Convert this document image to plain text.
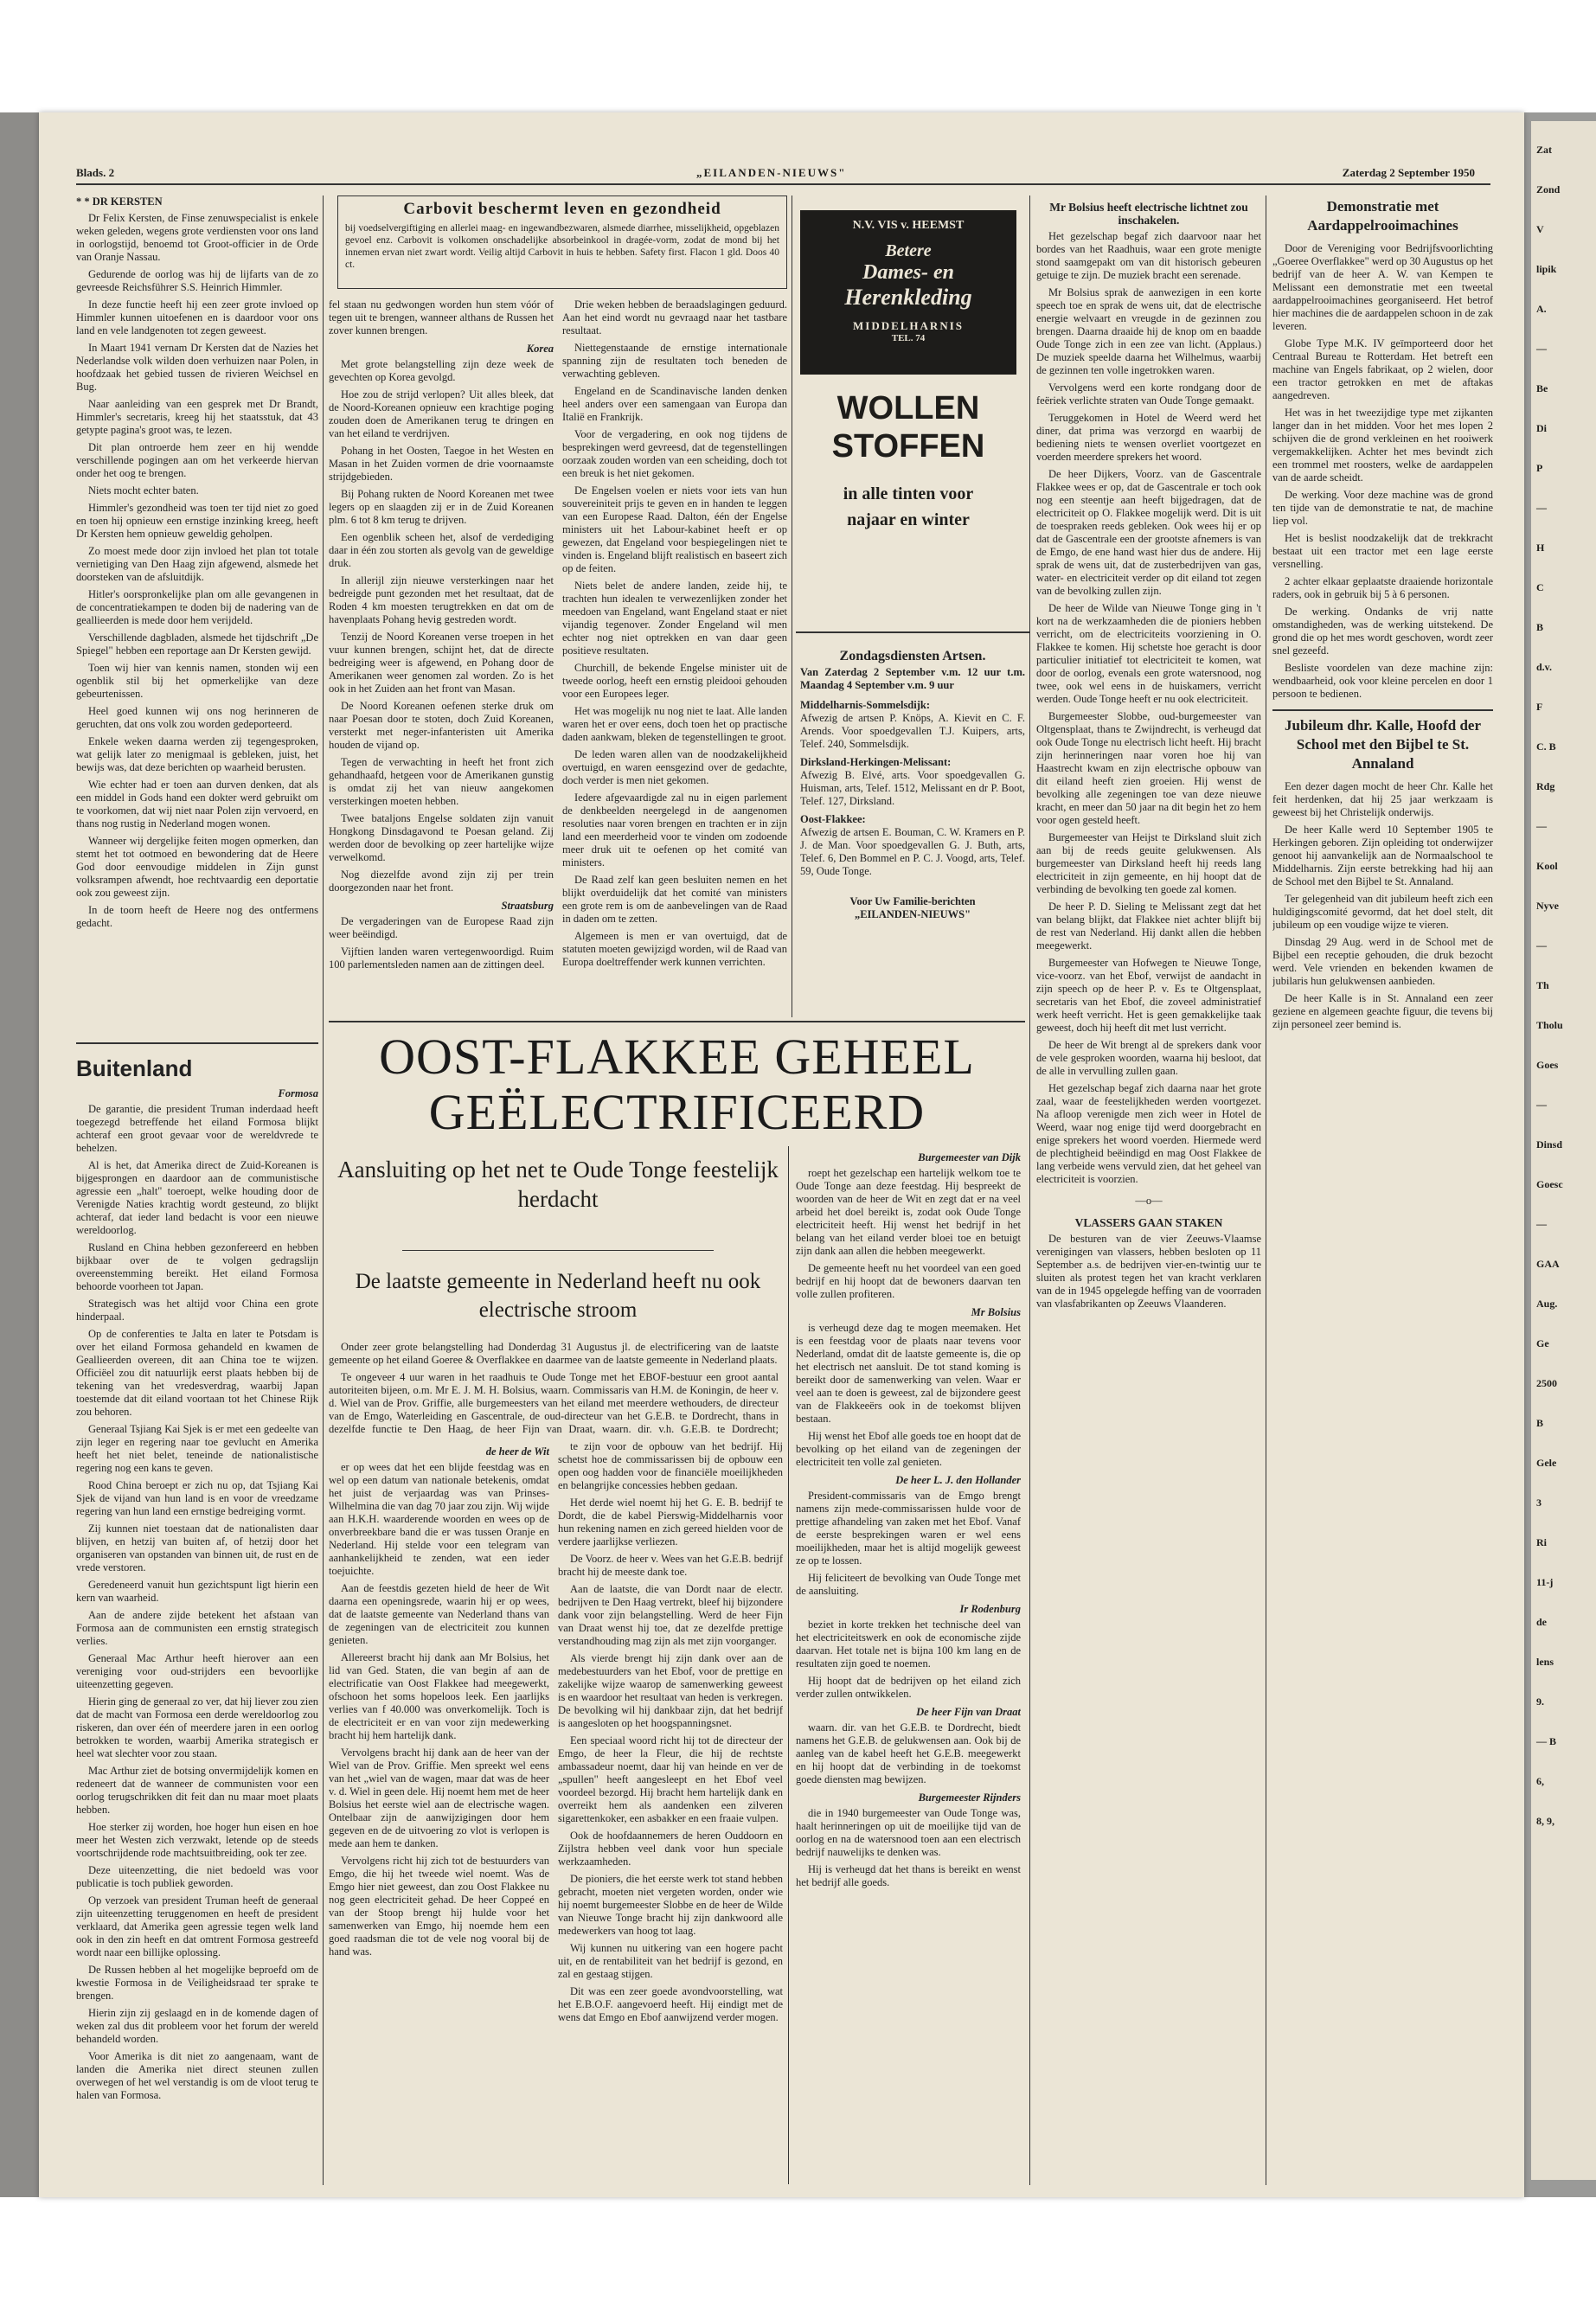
Zat
Zond
V
lipik
A.
—
Be
Di
P
—
H
C
B
d.v.
F
C. B
Rdg
—
Kool
Nyve
—
Th
Tholu
Goes
—
Dinsd
Goesc
—
GAA
Aug.
Ge
2500
B
Gele
3
Ri
11-j
de
lens
9.
— B
6,
8, 9,
Blads. 2	„EILANDEN-NIEUWS"	Zaterdag 2 September 1950
* * DR KERSTEN

Dr Felix Kersten, de Finse zenuwspecialist is enkele weken geleden, wegens grote verdiensten voor ons land in oorlogstijd, benoemd tot Groot-officier in de Orde van Oranje Nassau.

Gedurende de oorlog was hij de lijfarts van de zo gevreesde Reichsführer S.S. Heinrich Himmler.

In deze functie heeft hij een zeer grote invloed op Himmler kunnen uitoefenen en is daardoor voor ons land en vele landgenoten tot zegen geweest.

In Maart 1941 vernam Dr Kersten dat de Nazies het Nederlandse volk wilden doen verhuizen naar Polen, in hoofdzaak het gebied tussen de rivieren Weichsel en Bug.

Naar aanleiding van een gesprek met Dr Brandt, Himmler's secretaris, kreeg hij het staatsstuk, dat 43 getypte pagina's groot was, te lezen.

Dit plan ontroerde hem zeer en hij wendde verschillende pogingen aan om het verkeerde hiervan onder het oog te brengen.

Niets mocht echter baten.

Himmler's gezondheid was toen ter tijd niet zo goed en toen hij opnieuw een ernstige inzinking kreeg, heeft Dr Kersten hem opnieuw geweldig geholpen.

Zo moest mede door zijn invloed het plan tot totale vernietiging van Den Haag zijn afgewend, alsmede het doorsteken van de afsluitdijk.

Hitler's oorspronkelijke plan om alle gevangenen in de concentratiekampen te doden bij de nadering van de geallieerden is mede door hem verijdeld.

Verschillende dagbladen, alsmede het tijdschrift „De Spiegel" hebben een reportage aan Dr Kersten gewijd.

Toen wij hier van kennis namen, stonden wij een ogenblik stil bij het opmerkelijke van deze gebeurtenissen.

Heel goed kunnen wij ons nog herinneren de geruchten, dat ons volk zou worden gedeporteerd.

Enkele weken daarna werden zij tegengesproken, wat gelijk later zo menigmaal is gebleken, juist, het bewijs was, dat deze berichten op waarheid berusten.

Wie echter had er toen aan durven denken, dat als een middel in Gods hand een dokter werd gebruikt om te voorkomen, dat wij niet naar Polen zijn vervoerd, en thans nog rustig in Nederland mogen wonen.

Wanneer wij dergelijke feiten mogen opmerken, dan stemt het tot ootmoed en bewondering dat de Heere God door eenvoudige middelen in Zijn gunst volksrampen afwendt, hoe rechtvaardig een deportatie ook zou geweest zijn.

In de toorn heeft de Heere nog des ontfermens gedacht.

Buitenland
Formosa

De garantie, die president Truman inderdaad heeft toegezegd betreffende het eiland Formosa blijkt achteraf een groot gevaar voor de wereldvrede te behelzen.

Al is het, dat Amerika direct de Zuid-Koreanen is bijgesprongen en daardoor aan de communistische agressie een „halt" toeroept, welke houding door de Verenigde Naties krachtig wordt gesteund, zo blijkt achteraf, dat ieder land bedacht is voor een nieuwe wereldoorlog.

Rusland en China hebben gezonfereerd en hebben bijkbaar over de te volgen gedragslijn overeenstemming bereikt. Het eiland Formosa behoorde voorheen tot Japan.

Strategisch was het altijd voor China een grote hinderpaal.

Op de conferenties te Jalta en later te Potsdam is over het eiland Formosa gehandeld en kwamen de Geallieerden overeen, dit aan China toe te wijzen. Officiëel zou dit natuurlijk eerst plaats hebben bij de tekening van het vredesverdrag, waarbij Japan toestemde dat dit eiland voortaan tot het Chinese Rijk zou behoren.

Generaal Tsjiang Kai Sjek is er met een gedeelte van zijn leger en regering naar toe gevlucht en Amerika heeft het niet belet, teneinde de nationalistische regering nog een kans te geven.

Rood China beroept er zich nu op, dat Tsjiang Kai Sjek de vijand van hun land is en voor de vreedzame regering van hun land een ernstige bedreiging vormt.

Zij kunnen niet toestaan dat de nationalisten daar blijven, en hetzij van buiten af, of hetzij door het organiseren van opstanden van binnen uit, de rust en de vrede verstoren.

Geredeneerd vanuit hun gezichtspunt ligt hierin een kern van waarheid.

Aan de andere zijde betekent het afstaan van Formosa aan de communisten een ernstig strategisch verlies.

Generaal Mac Arthur heeft hierover aan een vereniging voor oud-strijders een bevoorlijke uiteenzetting gegeven.

Hierin ging de generaal zo ver, dat hij liever zou zien dat de macht van Formosa een derde wereldoorlog zou riskeren, dan over één of meerdere jaren in een oorlog betrokken te worden, waarbij Amerika strategisch er heel wat slechter voor zou staan.

Mac Arthur ziet de botsing onvermijdelijk komen en redeneert dat de wanneer de communisten voor een oorlog terugschrikken dit feit dan nu maar moet plaats hebben.

Hoe sterker zij worden, hoe hoger hun eisen en hoe meer het Westen zich verzwakt, letende op de steeds voortschrijdende rode machtsuitbreiding, ook ter zee.

Deze uiteenzetting, die niet bedoeld was voor publicatie is toch publiek geworden.

Op verzoek van president Truman heeft de generaal zijn uiteenzetting teruggenomen en heeft de president verklaard, dat Amerika geen agressie tegen welk land ook in den zin heeft en dat omtrent Formosa gestreefd wordt naar een billijke oplossing.

De Russen hebben al het mogelijke beproefd om de kwestie Formosa in de Veiligheidsraad ter sprake te brengen.

Hierin zijn zij geslaagd en in de komende dagen of weken zal dus dit probleem voor het forum der wereld behandeld worden.

Voor Amerika is dit niet zo aangenaam, want de landen die Amerika niet direct steunen zullen overwegen of het wel verstandig is om de vloot terug te halen van Formosa.

Carbovit beschermt leven en gezondheid
bij voedselvergiftiging en allerlei maag- en ingewandbezwaren, alsmede diarrhee, misselijkheid, opgeblazen gevoel enz. Carbovit is volkomen onschadelijke absorbeinkool in dragée-vorm, zodat de mond bij het innemen ervan niet zwart wordt. Veilig altijd Carbovit in huis te hebben. Safety first. Flacon 1 gld. Doos 40 ct.

fel staan nu gedwongen worden hun stem vóór of tegen uit te brengen, wanneer althans de Russen het zover kunnen brengen.

Korea

Met grote belangstelling zijn deze week de gevechten op Korea gevolgd.

Hoe zou de strijd verlopen? Uit alles bleek, dat de Noord-Koreanen opnieuw een krachtige poging zouden doen de Amerikanen terug te dringen en van het eiland te verdrijven.

Pohang in het Oosten, Taegoe in het Westen en Masan in het Zuiden vormen de drie voornaamste strijdgebieden.

Bij Pohang rukten de Noord Koreanen met twee legers op en slaagden zij er in de Zuid Koreanen plm. 6 tot 8 km terug te drijven.

Een ogenblik scheen het, alsof de verdediging daar in één zou storten als gevolg van de geweldige druk.

In allerijl zijn nieuwe versterkingen naar het bedreigde punt gezonden met het resultaat, dat de Roden 4 km moesten terugtrekken en dat om de havenplaats Pohang hevig gestreden wordt.

Tenzij de Noord Koreanen verse troepen in het vuur kunnen brengen, schijnt het, dat de directe bedreiging weer is afgewend, en Pohang door de Amerikanen weer genomen zal worden. Zo is het ook in het Zuiden aan het front van Masan.

De Noord Koreanen oefenen sterke druk om naar Poesan door te stoten, doch Zuid Koreanen, versterkt met neger-infanteristen uit Amerika houden de vijand op.

Tegen de verwachting in heeft het front zich gehandhaafd, hetgeen voor de Amerikanen gunstig is omdat zij het van nieuw aangekomen versterkingen moeten hebben.

Twee bataljons Engelse soldaten zijn vanuit Hongkong Dinsdagavond te Poesan geland. Zij werden door de bevolking op zeer hartelijke wijze verwelkomd.

Nog diezelfde avond zijn zij per trein doorgezonden naar het front.

Straatsburg

De vergaderingen van de Europese Raad zijn weer beëindigd.

Vijftien landen waren vertegenwoordigd. Ruim 100 parlementsleden namen aan de zittingen deel.

Drie weken hebben de beraadslagingen geduurd. Aan het eind wordt nu gevraagd naar het tastbare resultaat.

Niettegenstaande de ernstige internationale spanning zijn de resultaten toch beneden de verwachting gebleven.

Engeland en de Scandinavische landen denken heel anders over een samengaan van Europa dan Italië en Frankrijk.

Voor de vergadering, en ook nog tijdens de besprekingen werd gevreesd, dat de tegenstellingen oorzaak zouden worden van een scheiding, doch tot een breuk is het niet gekomen.

De Engelsen voelen er niets voor iets van hun souvereiniteit prijs te geven en in handen te leggen van een Europese Raad. Dalton, één der Engelse ministers uit het Labour-kabinet heeft er op gewezen, dat Engeland voor bespiegelingen niet te vinden is. Engeland blijft realistisch en baseert zich op de feiten.

Niets belet de andere landen, zeide hij, te trachten hun idealen te verwezenlijken zonder het meedoen van Engeland, want Engeland staat er niet vijandig tegenover. Zonder Engeland wil men echter nog niet optrekken en van daar geen positieve resultaten.

Churchill, de bekende Engelse minister uit de tweede oorlog, heeft een ernstig pleidooi gehouden voor een Europees leger.

Het was mogelijk nu nog niet te laat. Alle landen waren het er over eens, doch toen het op practische daden aankwam, bleken de tegenstellingen te groot.

De leden waren allen van de noodzakelijkheid overtuigd, en waren eensgezind over de gedachte, doch verder is men niet gekomen.

Iedere afgevaardigde zal nu in eigen parlement de denkbeelden neergelegd in de aangenomen resoluties naar voren brengen en trachten er in zijn land een meerderheid voor te vinden om zodoende meer druk uit te oefenen op het comité van ministers.

De Raad zelf kan geen besluiten nemen en het blijkt overduidelijk dat het comité van ministers een grote rem is om de aanbevelingen van de Raad in daden om te zetten.

Algemeen is men er van overtuigd, dat de statuten moeten gewijzigd worden, wil de Raad van Europa doeltreffender werk kunnen verrichten.

N.V. VIS v. HEEMST
Betere
Dames- en
Herenkleding
MIDDELHARNIS
TEL. 74
WOLLEN
STOFFEN
in alle tinten voor najaar en winter
Zondagsdiensten Artsen.
Van Zaterdag 2 September v.m. 12 uur t.m. Maandag 4 September v.m. 9 uur
Middelharnis-Sommelsdijk:
Afwezig de artsen P. Knöps, A. Kievit en C. F. Arends. Voor spoedgevallen T.J. Kuipers, arts, Telef. 240, Sommelsdijk.
Dirksland-Herkingen-Melissant:
Afwezig B. Elvé, arts. Voor spoedgevallen G. Huisman, arts, Telef. 1512, Melissant en dr P. Boot, Telef. 127, Dirksland.
Oost-Flakkee:
Afwezig de artsen E. Bouman, C. W. Kramers en P. J. de Man. Voor spoedgevallen G. J. Buth, arts, Telef. 6, Den Bommel en P. C. J. Voogd, arts, Telef. 59, Oude Tonge.
Voor Uw Familie-berichten
„EILANDEN-NIEUWS"
OOST-FLAKKEE GEHEEL
GEËLECTRIFICEERD
Aansluiting op het net te Oude Tonge feestelijk herdacht
De laatste gemeente in Nederland heeft nu ook electrische stroom

Onder zeer grote belangstelling had Donderdag 31 Augustus jl. de electrificering van de laatste gemeente op het eiland Goeree & Overflakkee en daarmee van de laatste gemeente in Nederland plaats.

Te ongeveer 4 uur waren in het raadhuis te Oude Tonge met het EBOF-bestuur een groot aantal autoriteiten bijeen, o.m. Mr E. J. M. H. Bolsius, waarn. Commissaris van H.M. de Koningin, de heer v. d. Wiel van de Prov. Griffie, alle burgemeesters van het eiland met meerdere wethouders, de directeur van de Emgo, Waterleiding en Gascentrale, de oud-directeur van het G.E.B. te Dordrecht, thans in dezelfde functie te Den Haag, de heer Fijn van Draat, waarn. dir. v.h. G.E.B. te Dordrecht;

de heer de Wit

er op wees dat het een blijde feestdag was en wel op een datum van nationale betekenis, omdat het juist de verjaardag was van Prinses-Wilhelmina die van dag 70 jaar zou zijn. Wij wijde aan H.K.H. waarderende woorden en wees op de onverbreekbare band die er was tussen Oranje en Nederland. Hij stelde voor een telegram van aanhankelijkheid te zenden, wat een ieder toejuichte.

Aan de feestdis gezeten hield de heer de Wit daarna een openingsrede, waarin hij er op wees, dat de laatste gemeente van Nederland thans van de zegeningen van de electriciteit zou kunnen genieten.

Allereerst bracht hij dank aan Mr Bolsius, het lid van Ged. Staten, die van begin af aan de electrificatie van Oost Flakkee had meegewerkt, ofschoon het soms hopeloos leek. Een jaarlijks verlies van f 40.000 was onverkomelijk. Toch is de electriciteit er en van voor zijn medewerking bracht hij hem hartelijk dank.

Vervolgens bracht hij dank aan de heer van der Wiel van de Prov. Griffie. Men spreekt wel eens van het „wiel van de wagen, maar dat was de heer v. d. Wiel in geen dele. Hij noemt hem met de heer Bolsius het eerste wiel aan de electrische wagen. Ontelbaar zijn de aanwijzigingen door hem gegeven en de de uitvoering zo vlot is verlopen is mede aan hem te danken.

Vervolgens richt hij zich tot de bestuurders van Emgo, die hij het tweede wiel noemt. Was de Emgo hier niet geweest, dan zou Oost Flakkee nu nog geen electriciteit gehad. De heer Coppeé en van der Stoop brengt hij hulde voor het samenwerken van Emgo, hij noemde hem een goed raadsman die tot de vele nog vooral bij de hand was.

te zijn voor de opbouw van het bedrijf. Hij schetst hoe de commissarissen bij de opbouw een open oog hadden voor de financiële moeilijkheden en belangrijke concessies hebben gedaan.

Het derde wiel noemt hij het G. E. B. bedrijf te Dordt, die de kabel Pierswig-Middelharnis voor hun rekening namen en zich gereed hielden voor de verdere jaarlijkse verliezen.

De Voorz. de heer v. Wees van het G.E.B. bedrijf bracht hij de meeste dank toe.

Aan de laatste, die van Dordt naar de electr. bedrijven te Den Haag vertrekt, bleef hij bijzondere dank voor zijn belangstelling. Werd de heer Fijn van Draat wenst hij toe, dat ze dezelfde prettige verstandhouding mag zijn als met zijn voorganger.

Als vierde brengt hij zijn dank over aan de medebestuurders van het Ebof, voor de prettige en zakelijke wijze waarop de samenwerking geweest is en waardoor het resultaat van heden is verkregen. De bevolking wil hij dankbaar zijn, dat het bedrijf is aangesloten op het hoogspanningsnet.

Een speciaal woord richt hij tot de directeur der Emgo, de heer la Fleur, die hij de rechtste ambassadeur noemt, daar hij van heinde en ver de „spullen" heeft aangesleept en het Ebof veel voordeel bezorgd. Hij bracht hem hartelijk dank en overreikt hem als aandenken een zilveren sigarettenkoker, een asbakker en een fraaie vulpen.

Ook de hoofdaannemers de heren Ouddoorn en Zijlstra hebben veel dank voor hun speciale werkzaamheden.

De pioniers, die het eerste werk tot stand hebben gebracht, moeten niet vergeten worden, onder wie hij noemt burgemeester Slobbe en de heer de Wilde van Nieuwe Tonge bracht hij zijn dankwoord alle medewerkers van hoog tot laag.

Wij kunnen nu uitkering van een hogere pacht uit, en de rentabiliteit van het bedrijf is gezond, en zal en gestaag stijgen.

Dit was een zeer goede avondvoorstelling, wat het E.B.O.F. aangevoerd heeft. Hij eindigt met de wens dat Emgo en Ebof aanwijzend verder mogen.

Burgemeester van Dijk

roept het gezelschap een hartelijk welkom toe te Oude Tonge aan deze feestdag. Hij bespreekt de woorden van de heer de Wit en zegt dat er na veel arbeid het doel bereikt is, zodat ook Oude Tonge electriciteit heeft. Hij wenst het bedrijf in het belang van het eiland verder bloei toe en betuigt zijn dank aan allen die hebben meegewerkt.

De gemeente heeft nu het voordeel van een goed bedrijf en hij hoopt dat de bewoners daarvan ten volle zullen profiteren.

Mr Bolsius

is verheugd deze dag te mogen meemaken. Het is een feestdag voor de plaats naar tevens voor Nederland, omdat dit de laatste gemeente is, die op het electrisch net aansluit. De tot stand koming is bereikt door de samenwerking van velen. Waar er veel aan te doen is geweest, zal de bijzondere geest van de Flakkeeërs ook in de toekomst blijven bestaan.

Hij wenst het Ebof alle goeds toe en hoopt dat de bevolking op het eiland van de zegeningen der electriciteit ten volle zal genieten.

De heer L. J. den Hollander

President-commissaris van de Emgo brengt namens zijn mede-commissarissen hulde voor de prettige afhandeling van zaken met het Ebof. Vanaf de eerste besprekingen waren er wel eens moeilijkheden, maar het is altijd mogelijk geweest ze op te lossen.

Hij feliciteert de bevolking van Oude Tonge met de aansluiting.

Ir Rodenburg

beziet in korte trekken het technische deel van het electriciteitswerk en ook de economische zijde daarvan. Het totale net is bijna 100 km lang en de resultaten zijn goed te noemen.

Hij hoopt dat de bedrijven op het eiland zich verder zullen ontwikkelen.

De heer Fijn van Draat

waarn. dir. van het G.E.B. te Dordrecht, biedt namens het G.E.B. de gelukwensen aan. Ook bij de aanleg van de kabel heeft het G.E.B. meegewerkt en hij hoopt dat de verbinding in de toekomst goede diensten mag bewijzen.

Burgemeester Rijnders

die in 1940 burgemeester van Oude Tonge was, haalt herinneringen op uit de moeilijke tijd van de oorlog en na de watersnood toen aan een electrisch bedrijf nauwelijks te denken was.

Hij is verheugd dat het thans is bereikt en wenst het bedrijf alle goeds.

Mr Bolsius heeft electrische lichtnet zou inschakelen.

Het gezelschap begaf zich daarvoor naar het bordes van het Raadhuis, waar een grote menigte stond saamgepakt om van dit historisch gebeuren getuige te zijn. De muziek bracht een serenade.

Mr Bolsius sprak de aanwezigen in een korte speech toe en sprak de wens uit, dat de electrische energie welvaart en vreugde in de gezinnen zou brengen. Daarna draaide hij de knop om en baadde Oude Tonge zich in een zee van licht. (Applaus.) De muziek speelde daarna het Wilhelmus, waarbij de gezinnen ten volle ingetrokken waren.

Vervolgens werd een korte rondgang door de feëriek verlichte straten van Oude Tonge gemaakt.

Teruggekomen in Hotel de Weerd werd het diner, dat prima was verzorgd en waarbij de bediening niets te wensen overliet voortgezet en voerden meerdere sprekers het woord.

De heer Dijkers, Voorz. van de Gascentrale Flakkee wees er op, dat de Gascentrale er toch ook nog een steentje aan heeft bijgedragen, dat de electriciteit op O. Flakkee mogelijk werd. Dit is uit de toespraken reeds gebleken. Ook wees hij er op dat de Gascentrale een der grootste afnemers is van de Emgo, de ene hand wast hier dus de andere. Hij sprak de wens uit, dat de zusterbedrijven van gas, water- en electriciteit verder op dit eiland tot zegen van de bevolking zullen zijn.

De heer de Wilde van Nieuwe Tonge ging in 't kort na de werkzaamheden die de pioniers hebben verricht, om de electriciteits voorziening in O. Flakkee te komen. Hij schetste hoe geracht is door particulier initiatief tot electriciteit te komen, wat door de oorlog, evenals een grote watersnood, nog twee, ook wel eens in de huiskamers, verricht werden. Oude Tonge heeft er nu ook electriciteit.

Burgemeester Slobbe, oud-burgemeester van Oltgensplaat, thans te Zwijndrecht, is verheugd dat ook Oude Tonge nu electrisch licht heeft. Hij bracht zijn herinneringen naar voren hoe hij van Haastrecht kwam en zijn electrische opbouw van dit eiland heeft zien groeien. Hij wenst de bevolking alle zegeningen toe van deze nieuwe kracht, en meer dan 50 jaar na dit begin het zo hem voor ogen gesteld heeft.

Burgemeester van Heijst te Dirksland sluit zich aan bij de reeds geuite gelukwensen. Als burgemeester van Dirksland heeft hij reeds lang electriciteit in zijn gemeente, en hij hoopt dat de verbinding de bevolking ten goede zal komen.

De heer P. D. Sieling te Melissant zegt dat het van belang blijkt, dat Flakkee niet achter blijft bij de rest van Nederland. Hij dankt allen die hebben meegewerkt.

Burgemeester van Hofwegen te Nieuwe Tonge, vice-voorz. van het Ebof, verwijst de aandacht in zijn speech op de heer P. v. Es te Oltgensplaat, secretaris van het Ebof, die zoveel administratief werk heeft verricht. Het is geen gemakkelijke taak geweest, doch hij heeft dit met lust verricht.

De heer de Wit brengt al de sprekers dank voor de vele gesproken woorden, waarna hij besloot, dat de alle in vervulling zullen gaan.

Het gezelschap begaf zich daarna naar het grote zaal, waar de feestelijkheden werden voortgezet. Na afloop verenigde men zich weer in Hotel de Weerd, waar nog enige tijd werd doorgebracht en enige sprekers het woord voerden. Hiermede werd de plechtigheid beëindigd en mag Oost Flakkee de lang verbeide wens vervuld zien, dat het geheel van electriciteit is voorzien.

—o—
VLASSERS GAAN STAKEN

De besturen van de vier Zeeuws-Vlaamse verenigingen van vlassers, hebben besloten op 11 September a.s. de bedrijven vier-en-twintig uur te sluiten als protest tegen het van kracht verklaren van de in 1945 opgelegde heffing van de voorraden van vlasfabrikanten op Zeeuws Vlaanderen.

Demonstratie met Aardappelrooimachines

Door de Vereniging voor Bedrijfsvoorlichting „Goeree Overflakkee" werd op 30 Augustus op het bedrijf van de heer A. W. van Kempen te Melissant een demonstratie met een tweetal aardappelrooimachines georganiseerd. Het betrof hier machines die de aardappelen schoon in de zak leveren.

Globe Type M.K. IV geïmporteerd door het Centraal Bureau te Rotterdam. Het betreft een machine van Engels fabrikaat, op 2 wielen, door een tractor getrokken en met de aftakas aangedreven.

Het was in het tweezijdige type met zijkanten langer dan in het midden. Voor het mes lopen 2 schijven die de grond verkleinen en het rooiwerk vergemakkelijken. Achter het mes bevindt zich een trommel met roosters, welke de aardappelen van de aarde scheidt.

De werking. Voor deze machine was de grond ten tijde van de demonstratie te nat, de machine liep vol.

Het is beslist noodzakelijk dat de trekkracht bestaat uit een tractor met een lage eerste versnelling.

2 achter elkaar geplaatste draaiende horizontale raders, ook in gebruik bij 5 à 6 personen.

De werking. Ondanks de vrij natte omstandigheden, was de werking uitstekend. De grond die op het mes wordt geschoven, wordt zeer snel gezeefd.

Besliste voordelen van deze machine zijn: wendbaarheid, ook voor kleine percelen en door 1 persoon te bedienen.

Jubileum dhr. Kalle, Hoofd der School met den Bijbel te St. Annaland

Een dezer dagen mocht de heer Chr. Kalle het feit herdenken, dat hij 25 jaar werkzaam is geweest bij het Christelijk onderwijs.

De heer Kalle werd 10 September 1905 te Herkingen geboren. Zijn opleiding tot onderwijzer genoot hij aanvankelijk aan de Normaalschool te Middelharnis. Zijn eerste betrekking had hij aan de School met den Bijbel te St. Annaland.

Ter gelegenheid van dit jubileum heeft zich een huldigingscomité gevormd, dat het doel stelt, dit jubileum op een voudige wijze te vieren.

Dinsdag 29 Aug. werd in de School met de Bijbel een receptie gehouden, die druk bezocht werd. Vele vrienden en bekenden kwamen de jubilaris hun gelukwensen aanbieden.

De heer Kalle is in St. Annaland een zeer geziene en algemeen geachte figuur, die tevens bij zijn personeel zeer bemind is.
